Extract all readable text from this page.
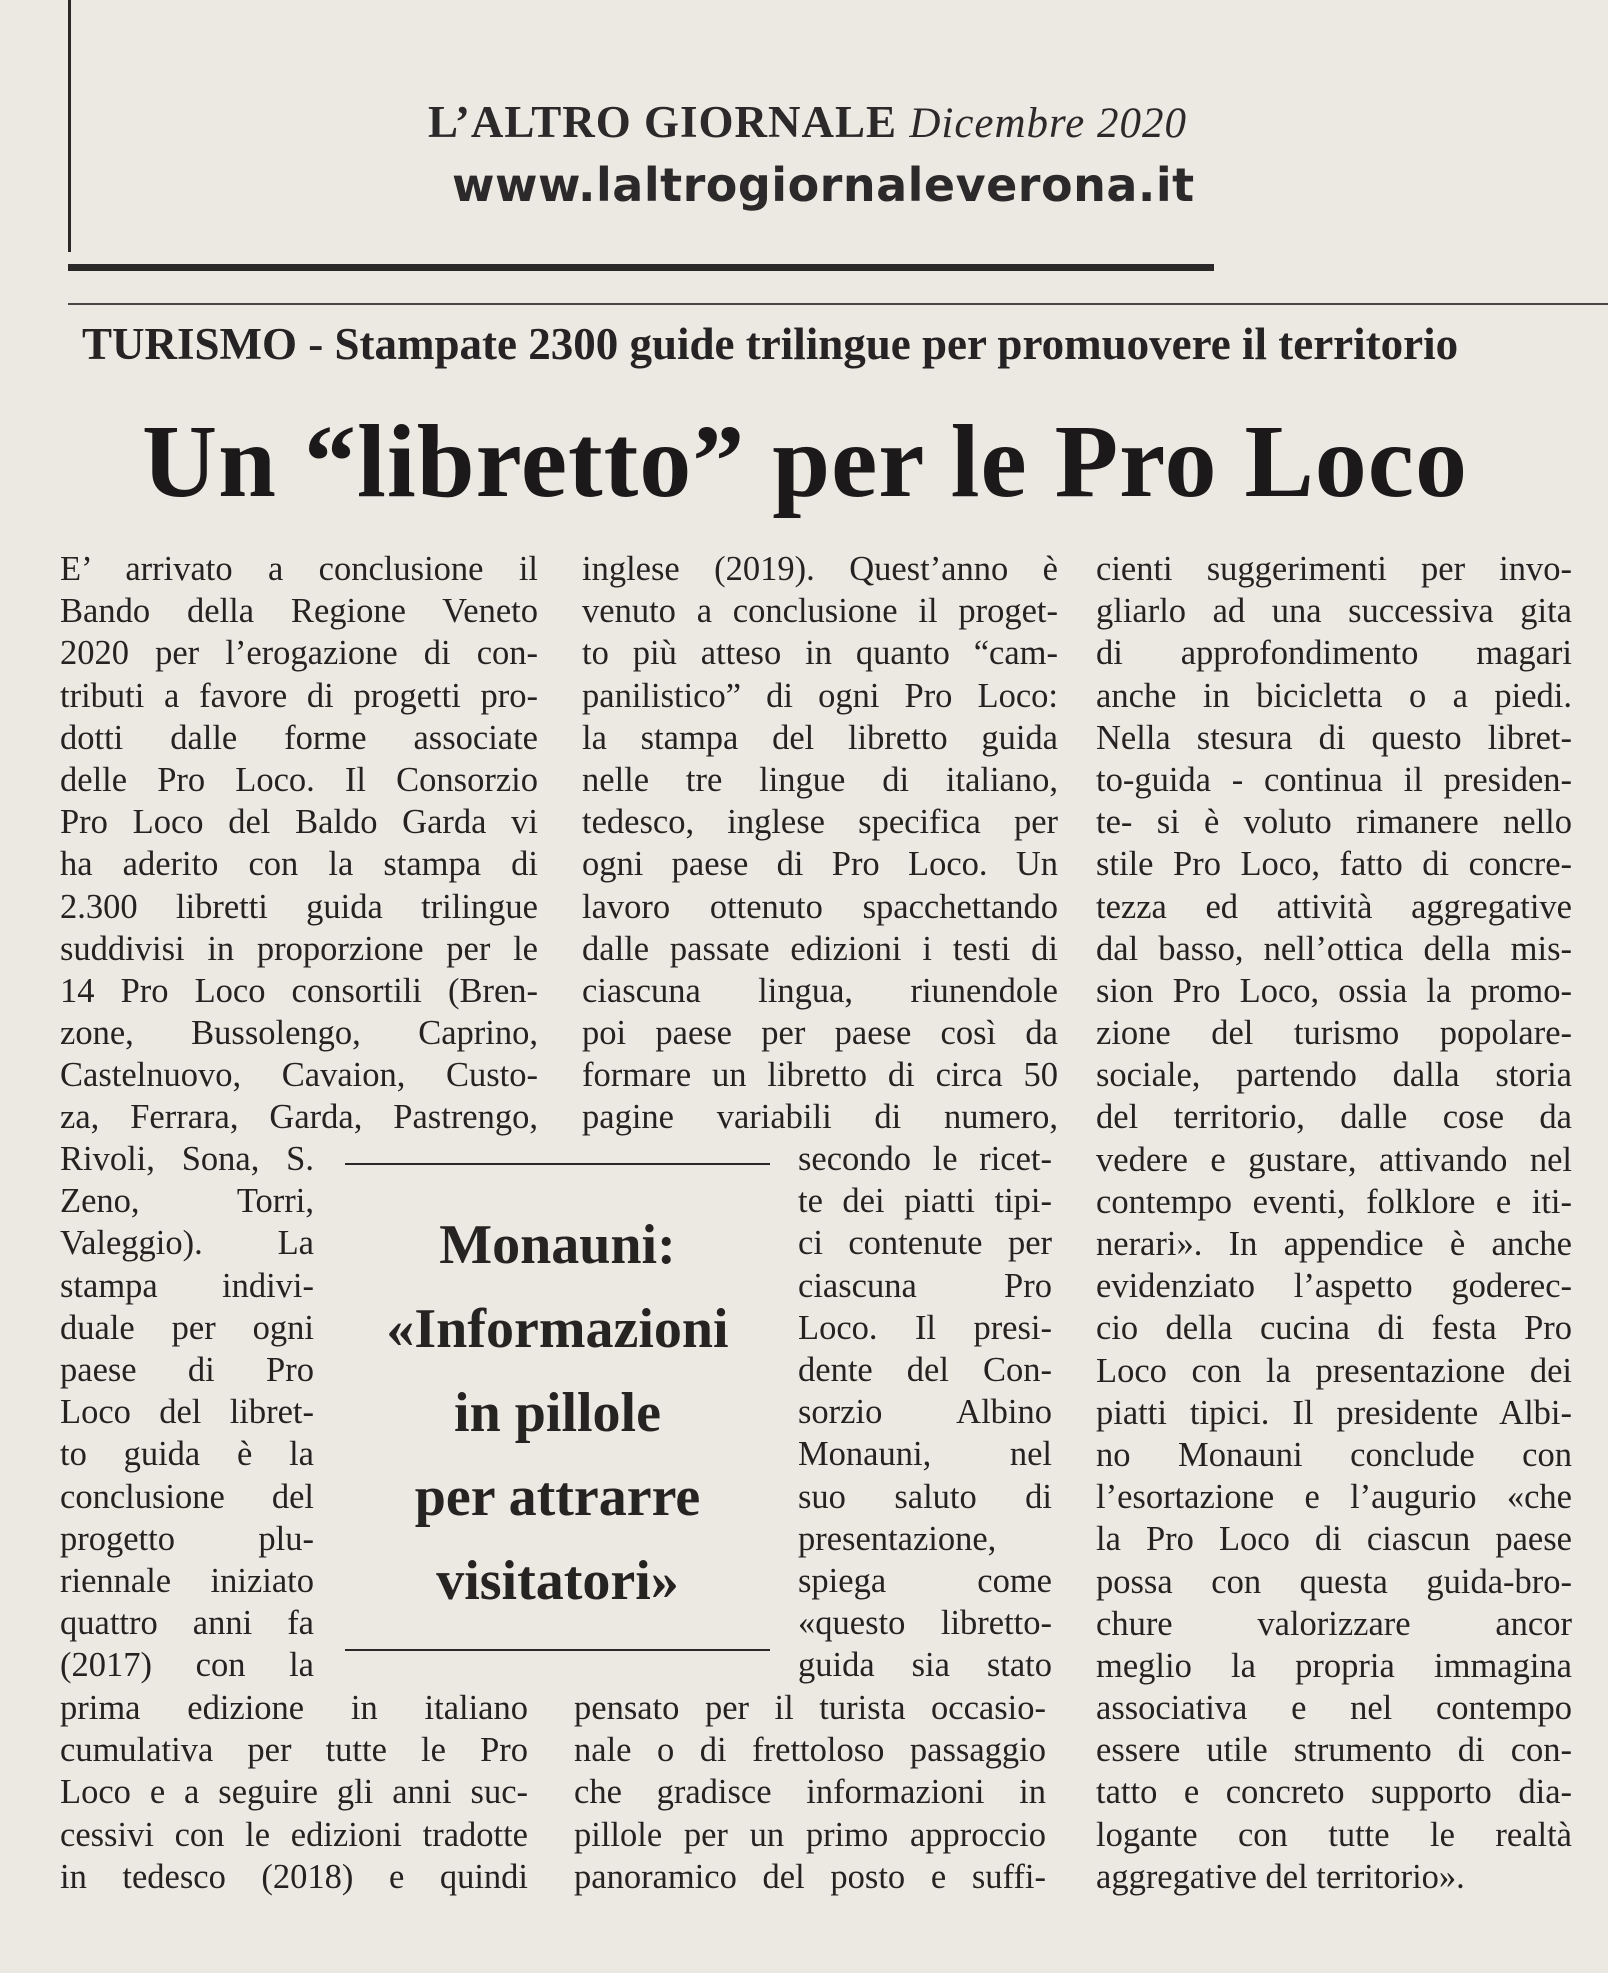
L’ALTRO GIORNALE Dicembre 2020
www.laltrogiornaleverona.it
TURISMO - Stampate 2300 guide trilingue per promuovere il territorio
Un “libretto” per le Pro Loco
E’ arrivato a conclusione il
Bando della Regione Veneto
2020 per l’erogazione di con-
tributi a favore di progetti pro-
dotti dalle forme associate
delle Pro Loco. Il Consorzio
Pro Loco del Baldo Garda vi
ha aderito con la stampa di
2.300 libretti guida trilingue
suddivisi in proporzione per le
14 Pro Loco consortili (Bren-
zone, Bussolengo, Caprino,
Castelnuovo, Cavaion, Custo-
za, Ferrara, Garda, Pastrengo,
Rivoli, Sona, S.
Zeno, Torri,
Valeggio). La
stampa indivi-
duale per ogni
paese di Pro
Loco del libret-
to guida è la
conclusione del
progetto plu-
riennale iniziato
quattro anni fa
(2017) con la
prima edizione in italiano
cumulativa per tutte le Pro
Loco e a seguire gli anni suc-
cessivi con le edizioni tradotte
in tedesco (2018) e quindi
inglese (2019). Quest’anno è
venuto a conclusione il proget-
to più atteso in quanto “cam-
panilistico” di ogni Pro Loco:
la stampa del libretto guida
nelle tre lingue di italiano,
tedesco, inglese specifica per
ogni paese di Pro Loco. Un
lavoro ottenuto spacchettando
dalle passate edizioni i testi di
ciascuna lingua, riunendole
poi paese per paese così da
formare un libretto di circa 50
pagine variabili di numero,
secondo le ricet-
te dei piatti tipi-
ci contenute per
ciascuna Pro
Loco. Il presi-
dente del Con-
sorzio Albino
Monauni, nel
suo saluto di
presentazione,
spiega come
«questo libretto-
guida sia stato
pensato per il turista occasio-
nale o di frettoloso passaggio
che gradisce informazioni in
pillole per un primo approccio
panoramico del posto e suffi-
cienti suggerimenti per invo-
gliarlo ad una successiva gita
di approfondimento magari
anche in bicicletta o a piedi.
Nella stesura di questo libret-
to-guida - continua il presiden-
te- si è voluto rimanere nello
stile Pro Loco, fatto di concre-
tezza ed attività aggregative
dal basso, nell’ottica della mis-
sion Pro Loco, ossia la promo-
zione del turismo popolare-
sociale, partendo dalla storia
del territorio, dalle cose da
vedere e gustare, attivando nel
contempo eventi, folklore e iti-
nerari». In appendice è anche
evidenziato l’aspetto goderec-
cio della cucina di festa Pro
Loco con la presentazione dei
piatti tipici. Il presidente Albi-
no Monauni conclude con
l’esortazione e l’augurio «che
la Pro Loco di ciascun paese
possa con questa guida-bro-
chure valorizzare ancor
meglio la propria immagina
associativa e nel contempo
essere utile strumento di con-
tatto e concreto supporto dia-
logante con tutte le realtà
aggregative del territorio».
Monauni:
«Informazioni
in pillole
per attrarre
visitatori»
